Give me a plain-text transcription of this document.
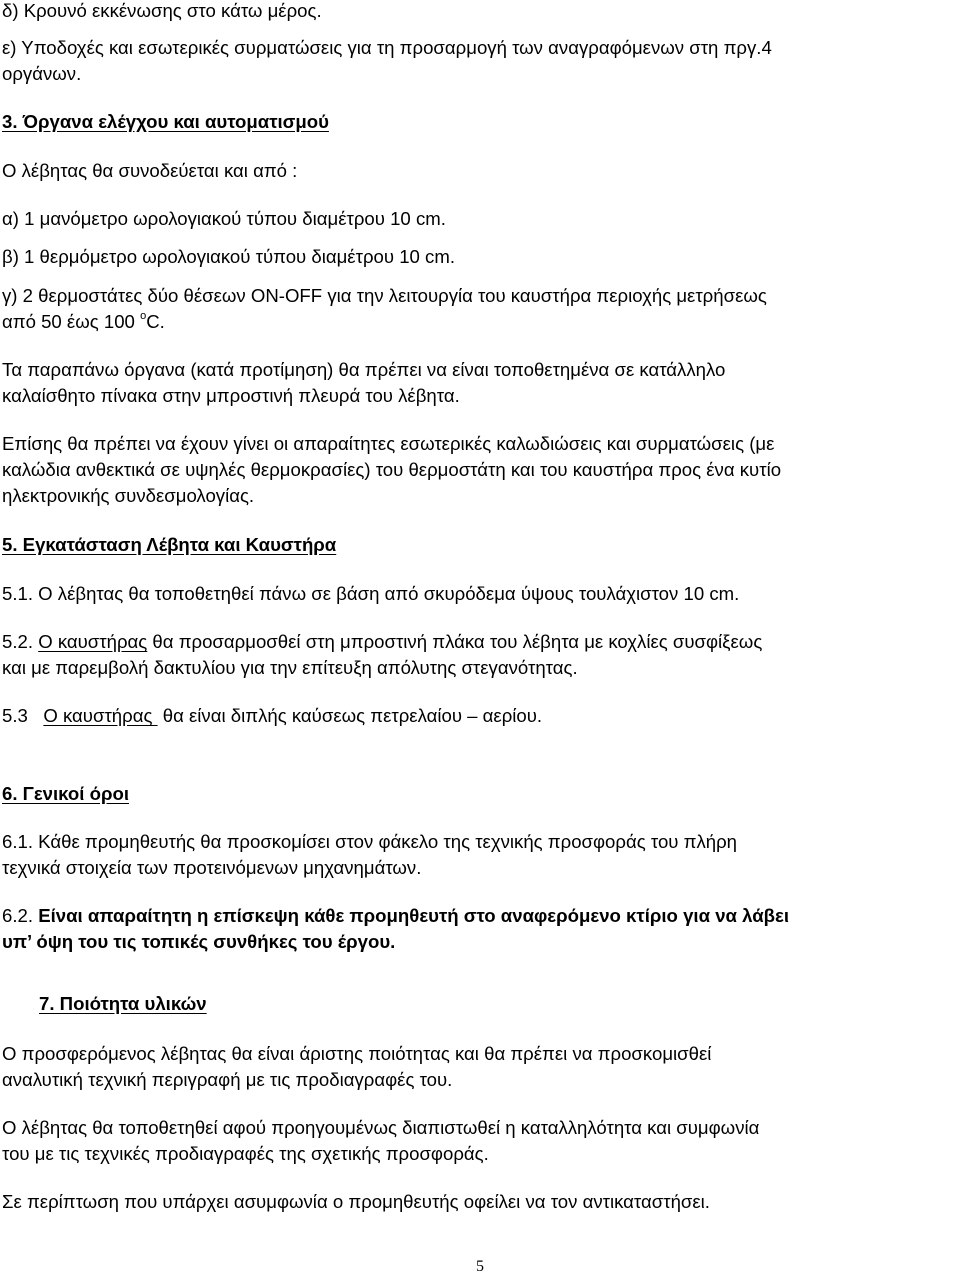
δ) Κρουνό εκκένωσης στο κάτω μέρος.
ε) Υποδοχές και εσωτερικές συρματώσεις για τη προσαρμογή των αναγραφόμενων στη πργ.4
οργάνων.
3. Όργανα ελέγχου και αυτοματισμού
Ο λέβητας θα συνοδεύεται και από :
α) 1 μανόμετρο ωρολογιακού τύπου διαμέτρου 10 cm.
β) 1 θερμόμετρο ωρολογιακού τύπου διαμέτρου 10 cm.
γ) 2 θερμοστάτες δύο θέσεων ON-OFF για την λειτουργία του καυστήρα περιοχής μετρήσεως
από 50 έως 100 $^o$C.
Τα παραπάνω όργανα (κατά προτίμηση) θα πρέπει να είναι τοποθετημένα σε κατάλληλο
καλαίσθητο πίνακα στην μπροστινή πλευρά του λέβητα.
Επίσης θα πρέπει να έχουν γίνει οι απαραίτητες εσωτερικές καλωδιώσεις και συρματώσεις (με
καλώδια ανθεκτικά σε υψηλές θερμοκρασίες) του θερμοστάτη και του καυστήρα προς ένα κυτίο
ηλεκτρονικής συνδεσμολογίας.
5. Εγκατάσταση Λέβητα και Καυστήρα
5.1. Ο λέβητας θα τοποθετηθεί πάνω σε βάση από σκυρόδεμα ύψους τουλάχιστον 10 cm.
5.2. Ο καυστήρας θα προσαρμοσθεί στη μπροστινή πλάκα του λέβητα με κοχλίες συσφίξεως
και με παρεμβολή δακτυλίου για την επίτευξη απόλυτης στεγανότητας.
5.3   Ο καυστήρας  θα είναι διπλής καύσεως πετρελαίου – αερίου.
6. Γενικοί όροι
6.1. Κάθε προμηθευτής θα προσκομίσει στον φάκελο της τεχνικής προσφοράς του πλήρη
τεχνικά στοιχεία των προτεινόμενων μηχανημάτων.
6.2. Είναι απαραίτητη η επίσκεψη κάθε προμηθευτή στο αναφερόμενο κτίριο για να λάβει
υπ’ όψη του τις τοπικές συνθήκες του έργου.
7. Ποιότητα υλικών
Ο προσφερόμενος λέβητας θα είναι άριστης ποιότητας και θα πρέπει να προσκομισθεί
αναλυτική τεχνική περιγραφή με τις προδιαγραφές του.
Ο λέβητας θα τοποθετηθεί αφού προηγουμένως διαπιστωθεί η καταλληλότητα και συμφωνία
του με τις τεχνικές προδιαγραφές της σχετικής προσφοράς.
Σε περίπτωση που υπάρχει ασυμφωνία ο προμηθευτής οφείλει να τον αντικαταστήσει.
5
